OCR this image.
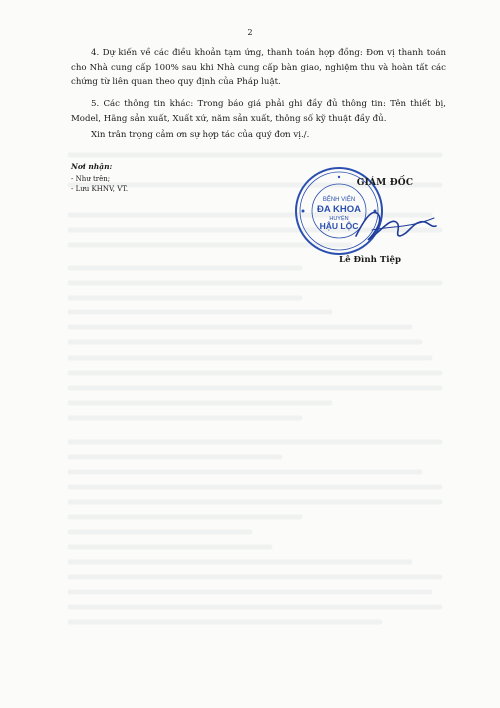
2

4. Dự kiến về các điều khoản tạm ứng, thanh toán hợp đồng: Đơn vị thanh toán cho Nhà cung cấp 100% sau khi Nhà cung cấp bàn giao, nghiệm thu và hoàn tất các chứng từ liên quan theo quy định của Pháp luật.

5. Các thông tin khác: Trong báo giá phải ghi đầy đủ thông tin: Tên thiết bị, Model, Hãng sản xuất, Xuất xứ, năm sản xuất, thông số kỹ thuật đầy đủ.

Xin trân trọng cảm ơn sự hợp tác của quý đơn vị./.

Nơi nhận:
- Như trên;
- Lưu KHNV, VT.
BỆNH VIỆN
ĐA KHOA
HUYỆN
HẬU LỘC
GIÁM ĐỐC
Lê Đình Tiệp
